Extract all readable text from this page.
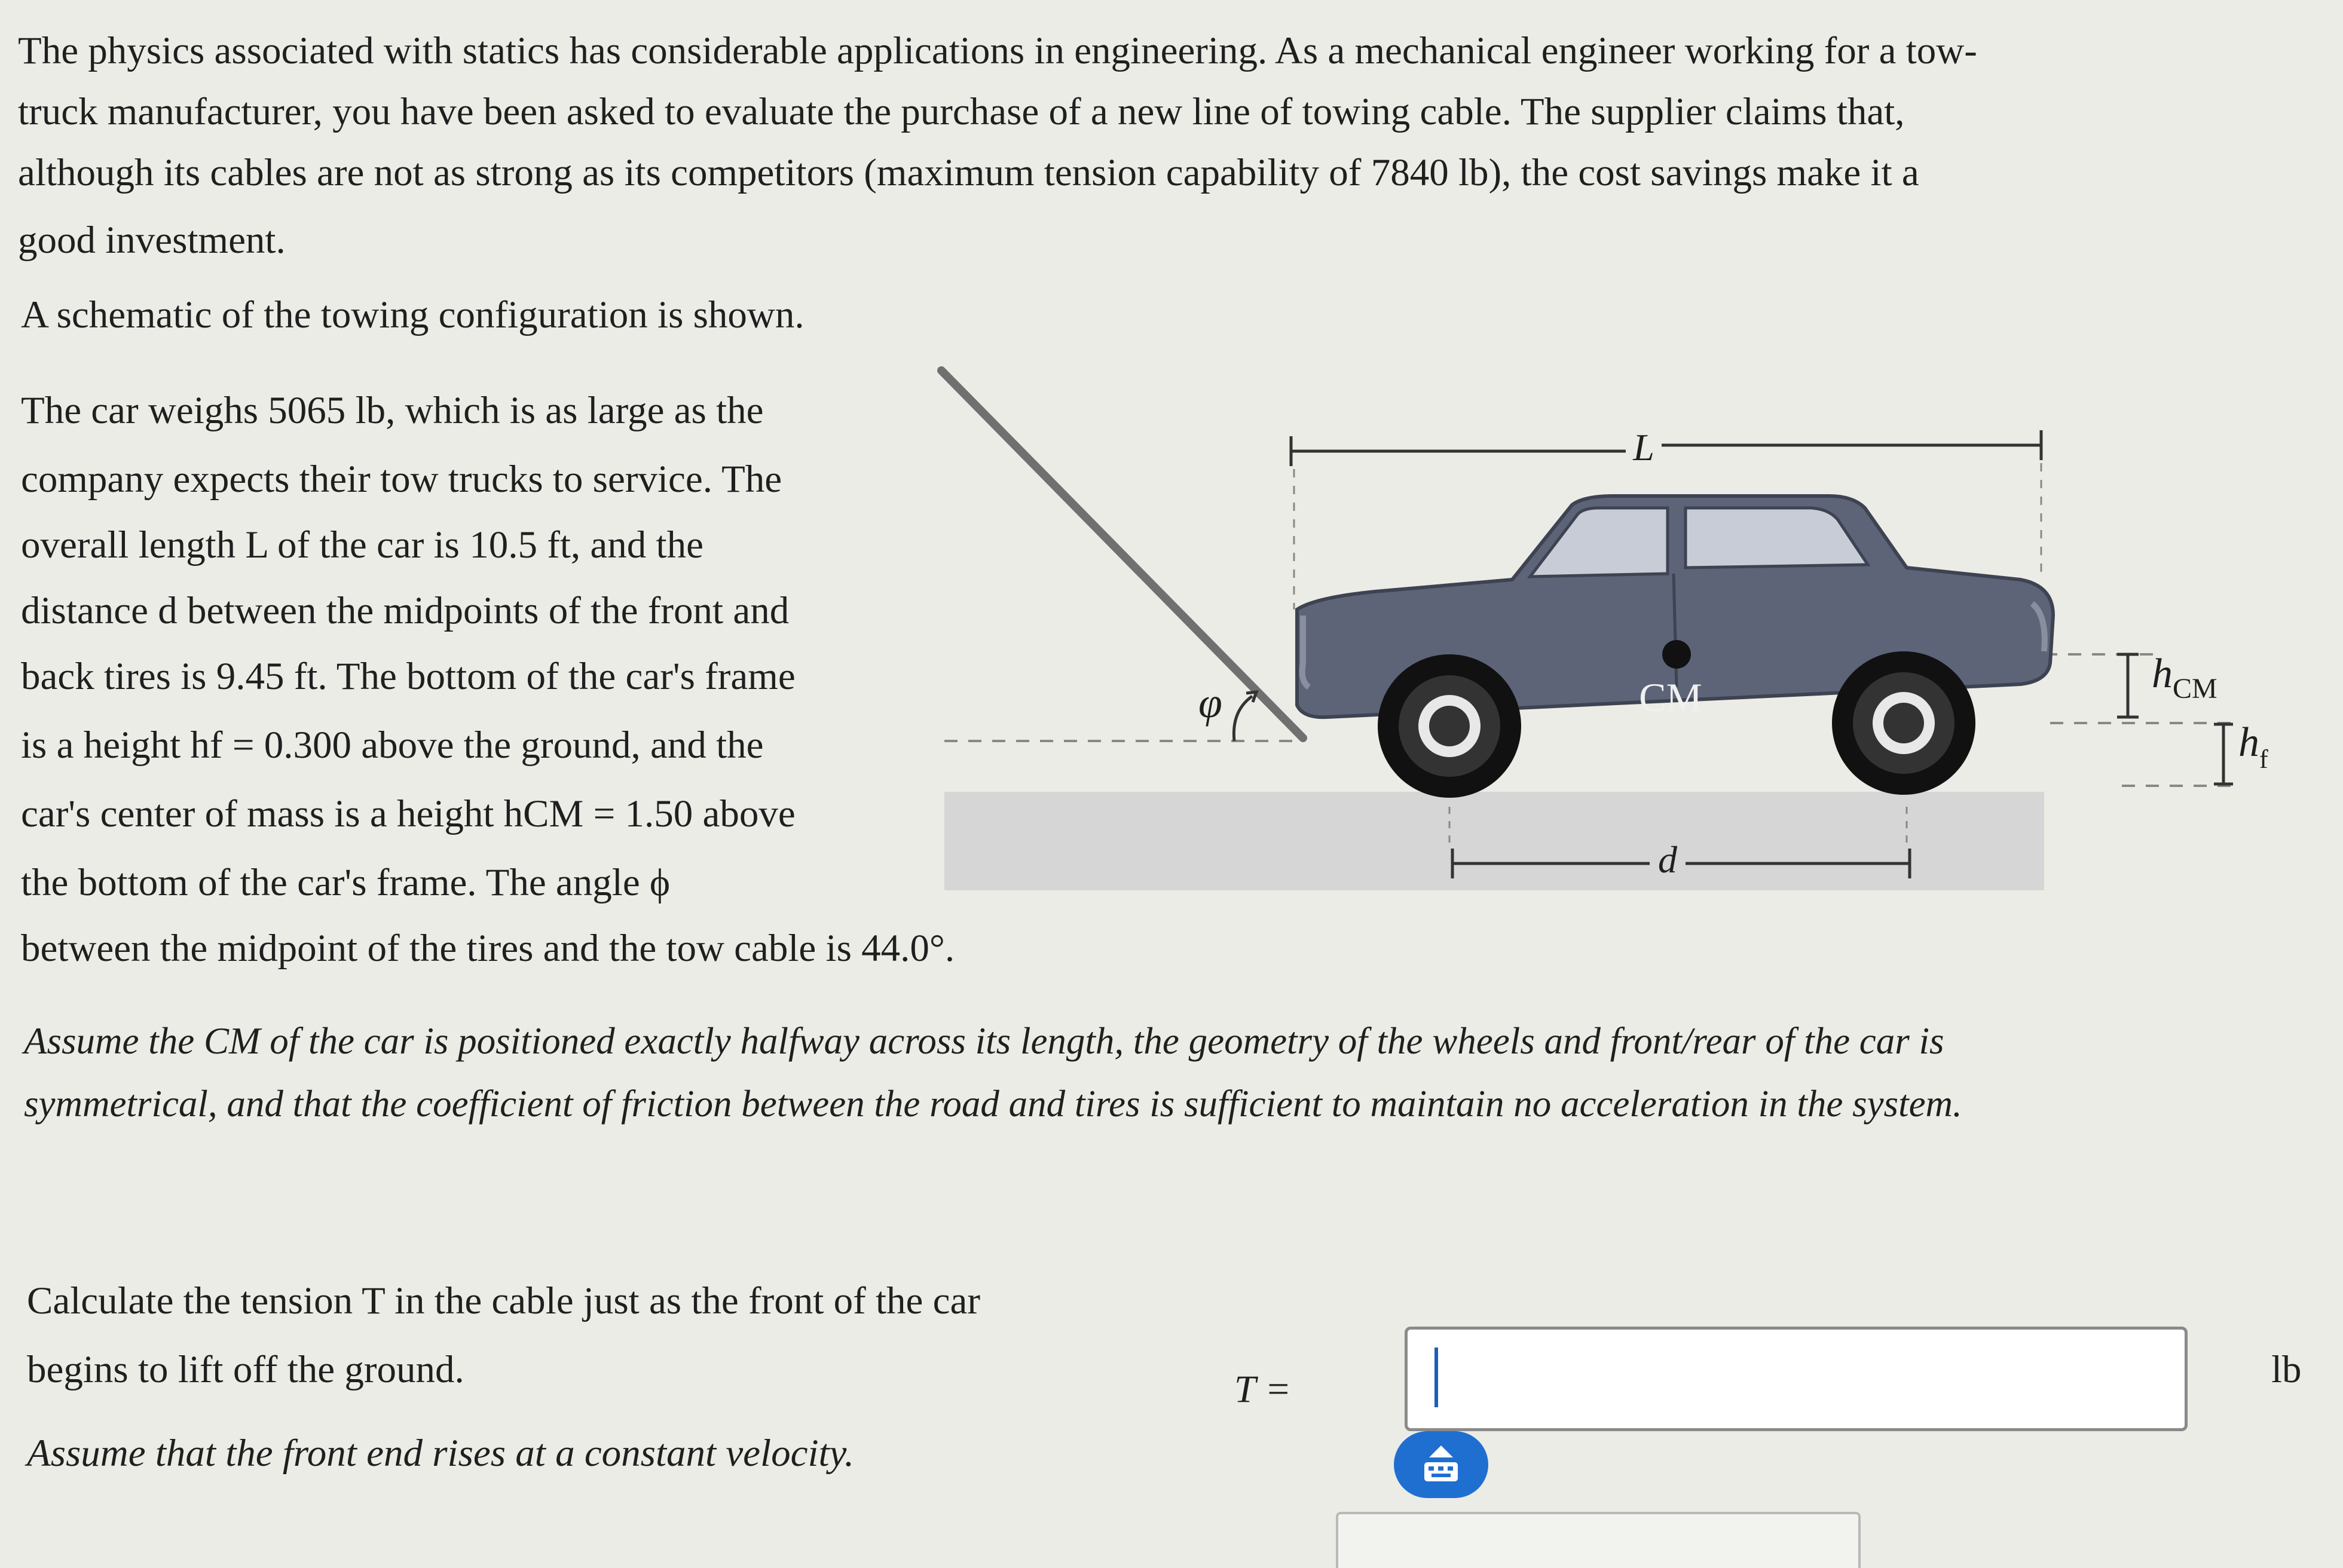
The physics associated with statics has considerable applications in engineering. As a mechanical engineer working for a tow-
truck manufacturer, you have been asked to evaluate the purchase of a new line of towing cable. The supplier claims that,
although its cables are not as strong as its competitors (maximum tension capability of 7840 lb), the cost savings make it a
good investment.
A schematic of the towing configuration is shown.
The car weighs 5065 lb, which is as large as the
company expects their tow trucks to service. The
overall length L of the car is 10.5 ft, and the
distance d between the midpoints of the front and
back tires is 9.45 ft. The bottom of the car's frame
is a height hf = 0.300 above the ground, and the
car's center of mass is a height hCM = 1.50 above
the bottom of the car's frame. The angle ϕ
between the midpoint of the tires and the tow cable is 44.0°.
L
CM
φ
$h_{CM}$
$h_f$
d
Assume the CM of the car is positioned exactly halfway across its length, the geometry of the wheels and front/rear of the car is
symmetrical, and that the coefficient of friction between the road and tires is sufficient to maintain no acceleration in the system.
Calculate the tension T in the cable just as the front of the car
begins to lift off the ground.
Assume that the front end rises at a constant velocity.
T =	lb
